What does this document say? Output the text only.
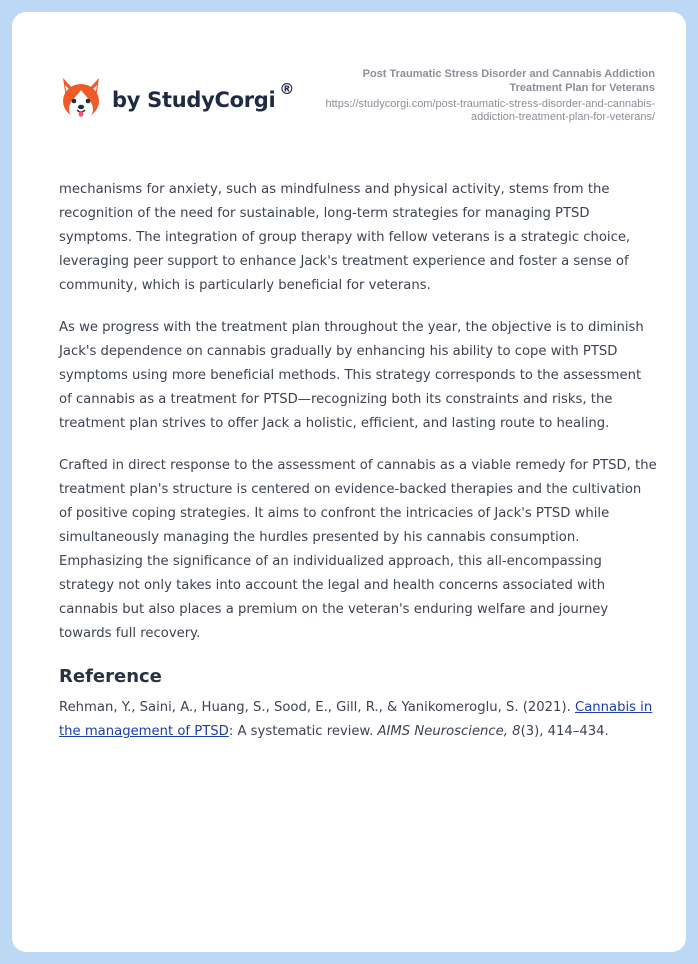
by StudyCorgi ®
Post Traumatic Stress Disorder and Cannabis Addiction Treatment Plan for Veterans
https://studycorgi.com/post-traumatic-stress-disorder-and-cannabis-addiction-treatment-plan-for-veterans/

mechanisms for anxiety, such as mindfulness and physical activity, stems from the recognition of the need for sustainable, long-term strategies for managing PTSD symptoms. The integration of group therapy with fellow veterans is a strategic choice, leveraging peer support to enhance Jack's treatment experience and foster a sense of community, which is particularly beneficial for veterans.

As we progress with the treatment plan throughout the year, the objective is to diminish Jack's dependence on cannabis gradually by enhancing his ability to cope with PTSD symptoms using more beneficial methods. This strategy corresponds to the assessment of cannabis as a treatment for PTSD—recognizing both its constraints and risks, the treatment plan strives to offer Jack a holistic, efficient, and lasting route to healing.

Crafted in direct response to the assessment of cannabis as a viable remedy for PTSD, the treatment plan's structure is centered on evidence-backed therapies and the cultivation of positive coping strategies. It aims to confront the intricacies of Jack's PTSD while simultaneously managing the hurdles presented by his cannabis consumption. Emphasizing the significance of an individualized approach, this all-encompassing strategy not only takes into account the legal and health concerns associated with cannabis but also places a premium on the veteran's enduring welfare and journey towards full recovery.

Reference

Rehman, Y., Saini, A., Huang, S., Sood, E., Gill, R., & Yanikomeroglu, S. (2021). Cannabis in the management of PTSD: A systematic review. AIMS Neuroscience, 8(3), 414–434.
